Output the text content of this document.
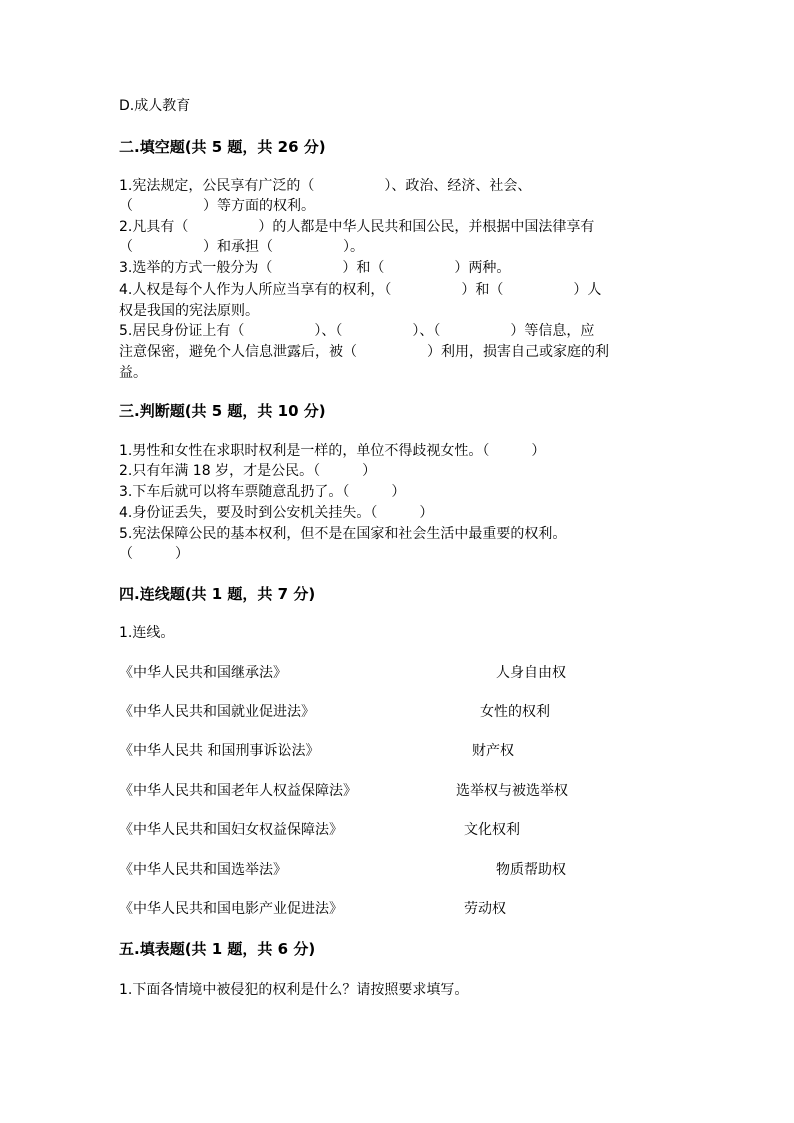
D.成人教育
二.填空题(共 5 题，共 26 分)
1.宪法规定，公民享有广泛的（　　　　　）、政治、经济、社会、
（　　　　　）等方面的权利。
2.凡具有（　　　　　）的人都是中华人民共和国公民，并根据中国法律享有
（　　　　　）和承担（　　　　　）。
3.选举的方式一般分为（　　　　　）和（　　　　　）两种。
4.人权是每个人作为人所应当享有的权利，（　　　　　）和（　　　　　）人
权是我国的宪法原则。
5.居民身份证上有（　　　　　）、（　　　　　）、（　　　　　）等信息，应
注意保密，避免个人信息泄露后，被（　　　　　）利用，损害自己或家庭的利
益。
三.判断题(共 5 题，共 10 分)
1.男性和女性在求职时权利是一样的，单位不得歧视女性。（　　　）
2.只有年满 18 岁，才是公民。（　　　）
3.下车后就可以将车票随意乱扔了。（　　　）
4.身份证丢失，要及时到公安机关挂失。（　　　）
5.宪法保障公民的基本权利，但不是在国家和社会生活中最重要的权利。
（　　　）
四.连线题(共 1 题，共 7 分)
1.连线。
《中华人民共和国继承法》	人身自由权
《中华人民共和国就业促进法》	女性的权利
《中华人民共 和国刑事诉讼法》	财产权
《中华人民共和国老年人权益保障法》	选举权与被选举权
《中华人民共和国妇女权益保障法》	文化权利
《中华人民共和国选举法》	物质帮助权
《中华人民共和国电影产业促进法》	劳动权
五.填表题(共 1 题，共 6 分)
1.下面各情境中被侵犯的权利是什么？请按照要求填写。
